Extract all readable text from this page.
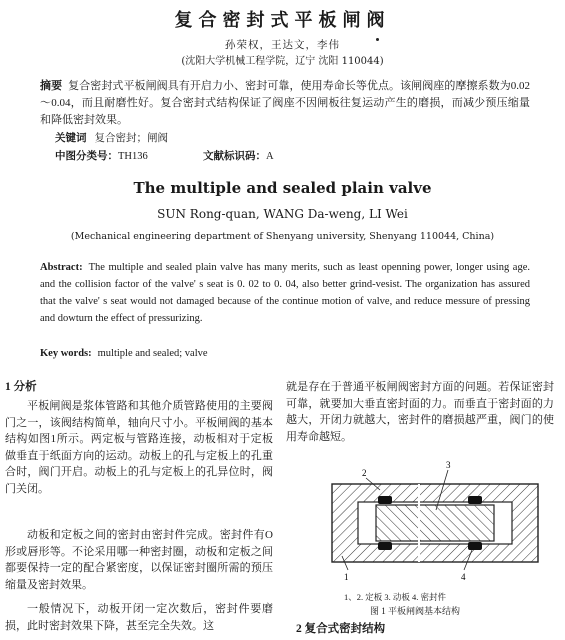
复合密封式平板闸阀
孙荣权，王达文，李伟
(沈阳大学机械工程学院，辽宁 沈阳 110044)
摘要 复合密封式平板闸阀具有开启力小、密封可靠，使用寿命长等优点。该闸阀座的摩擦系数为0.02～0.04，而且耐磨性好。复合密封式结构保证了阀座不因闸板往复运动产生的磨损，而减少预压缩量和降低密封效果。
关键词 复合密封；闸阀
中图分类号：TH136	文献标识码：A
The multiple and sealed plain valve
SUN Rong-quan, WANG Da-weng, LI Wei
(Mechanical engineering department of Shenyang university, Shenyang 110044, China)
Abstract: The multiple and sealed plain valve has many merits, such as least openning power, longer using age. and the collision factor of the valve' s seat is 0. 02 to 0. 04, also better grind-vesist. The organization has assured that the valve' s seat would not damaged because of the continue motion of valve, and reduce messure of pressing and dowturn the effect of pressurizing.
Key words: multiple and sealed; valve
1 分析
平板闸阀是浆体管路和其他介质管路使用的主要阀门之一，该阀结构简单，轴向尺寸小。平板闸阀的基本结构如图1所示。两定板与管路连接，动板相对于定板做垂直于纸面方向的运动。动板上的孔与定板上的孔重合时，阀门开启。动板上的孔与定板上的孔异位时，阀门关闭。
动板和定板之间的密封由密封件完成。密封件有O形或唇形等。不论采用哪一种密封圈，动板和定板之间都要保持一定的配合紧密度，以保证密封圈所需的预压缩量及密封效果。
一般情况下，动板开闭一定次数后，密封件要磨损，此时密封效果下降，甚至完全失效。这
就是存在于普通平板闸阀密封方面的问题。若保证密封可靠，就要加大垂直密封面的力。而垂直于密封面的力越大，开闭力就越大，密封件的磨损越严重，阀门的使用寿命越短。
2
3
1	4
1、2. 定板 3. 动板 4. 密封件
图 1 平板闸阀基本结构
2 复合式密封结构
